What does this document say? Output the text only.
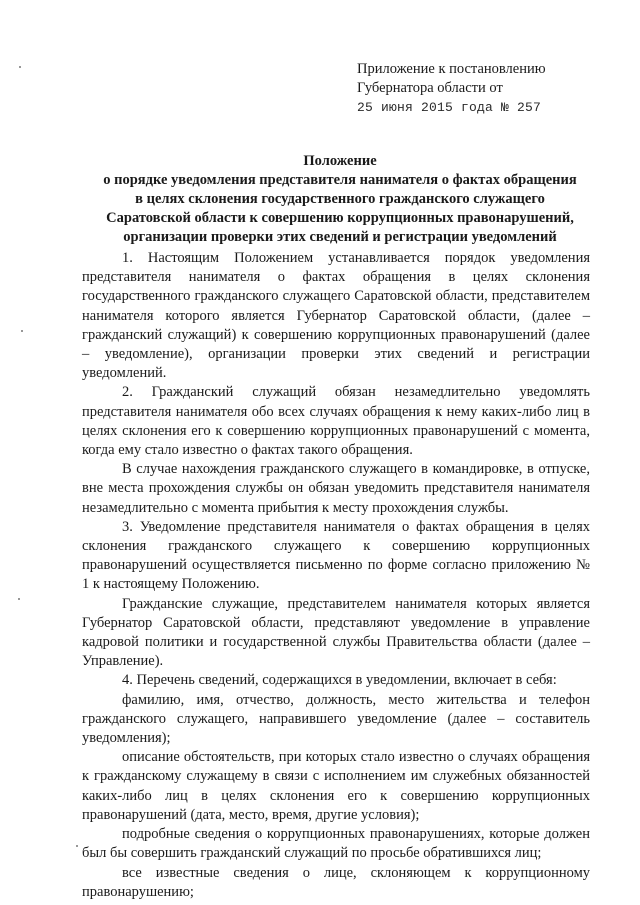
Приложение к постановлению
Губернатора области от
25 июня 2015 года № 257
Положение
о порядке уведомления представителя нанимателя о фактах обращения
в целях склонения государственного гражданского служащего
Саратовской области к совершению коррупционных правонарушений,
организации проверки этих сведений и регистрации уведомлений

1. Настоящим Положением устанавливается порядок уведомления представителя нанимателя о фактах обращения в целях склонения государственного гражданского служащего Саратовской области, представителем нанимателя которого является Губернатор Саратовской области, (далее – гражданский служащий) к совершению коррупционных правонарушений (далее – уведомление), организации проверки этих сведений и регистрации уведомлений.

2. Гражданский служащий обязан незамедлительно уведомлять представителя нанимателя обо всех случаях обращения к нему каких-либо лиц в целях склонения его к совершению коррупционных правонарушений с момента, когда ему стало известно о фактах такого обращения.

В случае нахождения гражданского служащего в командировке, в отпуске, вне места прохождения службы он обязан уведомить представителя нанимателя незамедлительно с момента прибытия к месту прохождения службы.

3. Уведомление представителя нанимателя о фактах обращения в целях склонения гражданского служащего к совершению коррупционных правонарушений осуществляется письменно по форме согласно приложению № 1 к настоящему Положению.

Гражданские служащие, представителем нанимателя которых является Губернатор Саратовской области, представляют уведомление в управление кадровой политики и государственной службы Правительства области (далее – Управление).

4. Перечень сведений, содержащихся в уведомлении, включает в себя:

фамилию, имя, отчество, должность, место жительства и телефон гражданского служащего, направившего уведомление (далее – составитель уведомления);

описание обстоятельств, при которых стало известно о случаях обращения к гражданскому служащему в связи с исполнением им служебных обязанностей каких-либо лиц в целях склонения его к совершению коррупционных правонарушений (дата, место, время, другие условия);

подробные сведения о коррупционных правонарушениях, которые должен был бы совершить гражданский служащий по просьбе обратившихся лиц;

все известные сведения о лице, склоняющем к коррупционному правонарушению;
